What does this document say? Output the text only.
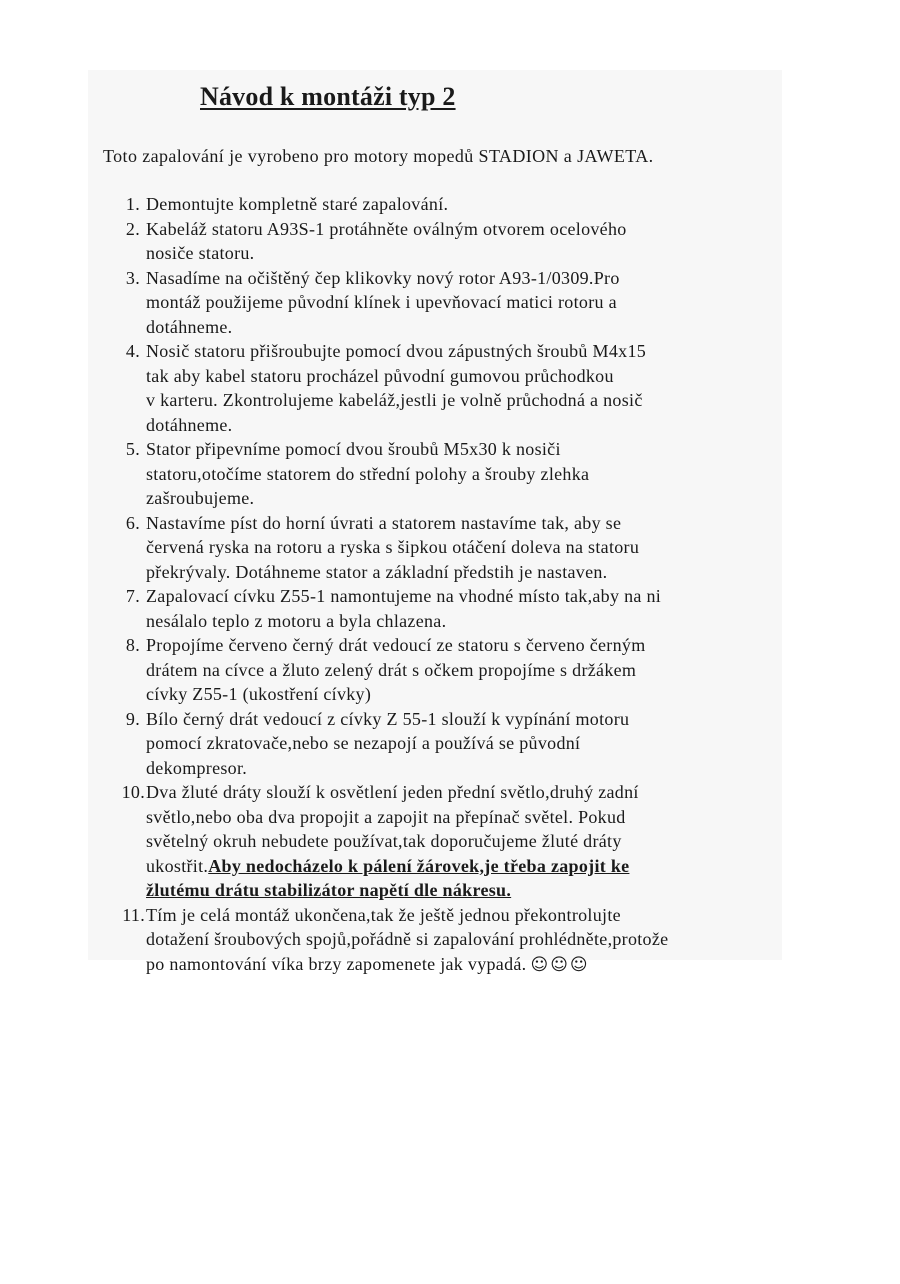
Návod k montáži typ 2

Toto zapalování je vyrobeno pro motory mopedů STADION a JAWETA.

1. Demontujte kompletně staré zapalování.
2. Kabeláž statoru A93S-1 protáhněte oválným otvorem ocelového
nosiče statoru.
3. Nasadíme na očištěný čep klikovky nový rotor A93-1/0309.Pro
montáž použijeme původní klínek i upevňovací matici rotoru a
dotáhneme.
4. Nosič statoru přišroubujte pomocí dvou zápustných šroubů M4x15
tak aby kabel statoru procházel původní gumovou průchodkou
v karteru. Zkontrolujeme kabeláž,jestli je volně průchodná a nosič
dotáhneme.
5. Stator připevníme pomocí dvou šroubů M5x30 k nosiči
statoru,otočíme statorem do střední polohy a šrouby zlehka
zašroubujeme.
6. Nastavíme píst do horní úvrati a statorem nastavíme tak, aby se
červená ryska na rotoru a ryska s šipkou otáčení doleva na statoru
překrývaly. Dotáhneme stator a základní předstih je nastaven.
7. Zapalovací cívku Z55-1 namontujeme na vhodné místo tak,aby na ni
nesálalo teplo z motoru a byla chlazena.
8. Propojíme červeno černý drát vedoucí ze statoru s červeno černým
drátem na cívce a žluto zelený drát s očkem propojíme s držákem
cívky Z55-1 (ukostření cívky)
9. Bílo černý drát vedoucí z cívky Z 55-1 slouží k vypínání motoru
pomocí zkratovače,nebo se nezapojí a používá se původní
dekompresor.
10. Dva žluté dráty slouží k osvětlení jeden přední světlo,druhý zadní
světlo,nebo oba dva propojit a zapojit na přepínač světel. Pokud
světelný okruh nebudete používat,tak doporučujeme žluté dráty
ukostřit.Aby nedocházelo k pálení žárovek,je třeba zapojit ke
žlutému drátu stabilizátor napětí dle nákresu.
11. Tím je celá montáž ukončena,tak že ještě jednou překontrolujte
dotažení šroubových spojů,pořádně si zapalování prohlédněte,protože
po namontování víka brzy zapomenete jak vypadá. ☺☺☺
